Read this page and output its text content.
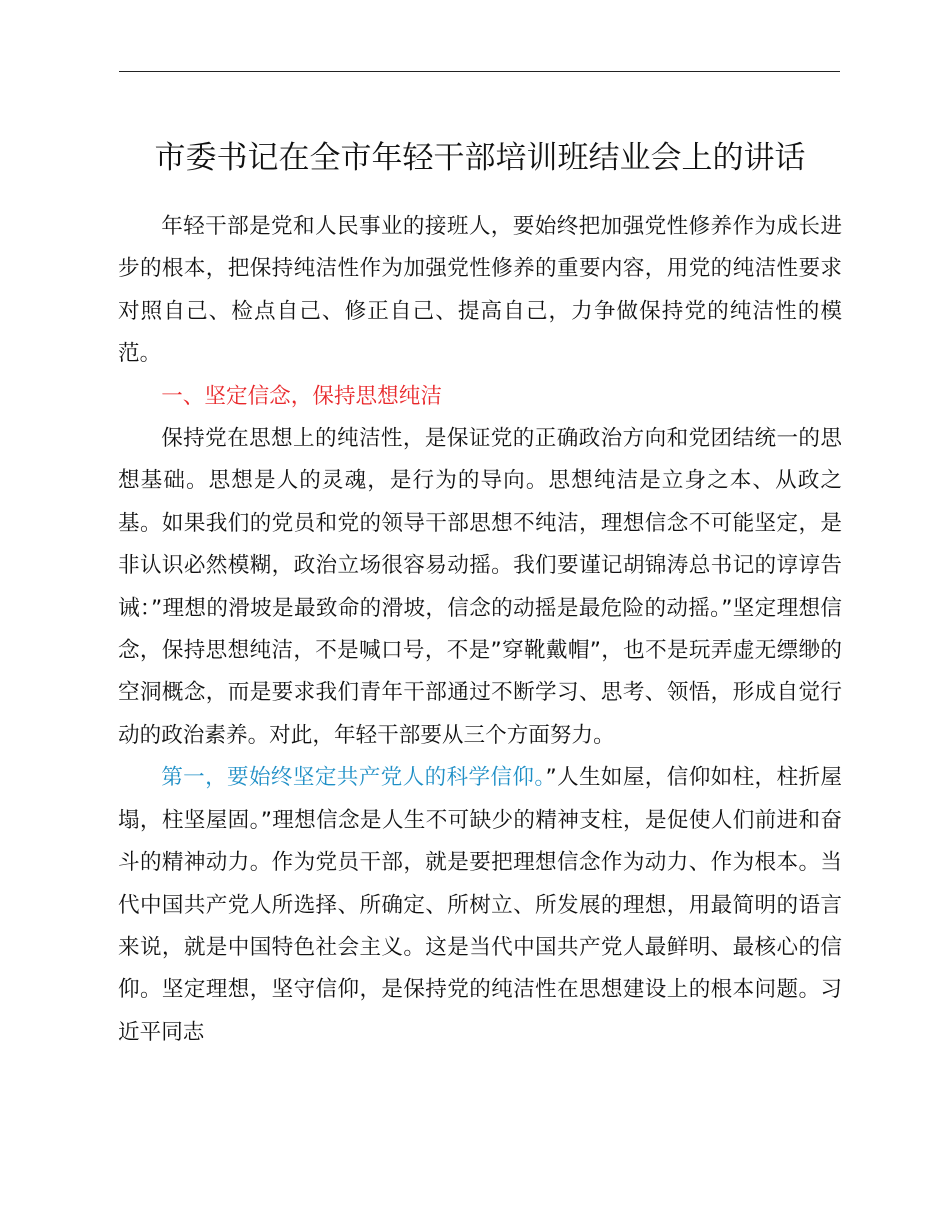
市委书记在全市年轻干部培训班结业会上的讲话

年轻干部是党和人民事业的接班人，要始终把加强党性修养作为成长进步的根本，把保持纯洁性作为加强党性修养的重要内容，用党的纯洁性要求对照自己、检点自己、修正自己、提高自己，力争做保持党的纯洁性的模范。

一、坚定信念，保持思想纯洁

保持党在思想上的纯洁性，是保证党的正确政治方向和党团结统一的思想基础。思想是人的灵魂，是行为的导向。思想纯洁是立身之本、从政之基。如果我们的党员和党的领导干部思想不纯洁，理想信念不可能坚定，是非认识必然模糊，政治立场很容易动摇。我们要谨记胡锦涛总书记的谆谆告诫：”理想的滑坡是最致命的滑坡，信念的动摇是最危险的动摇。”坚定理想信念，保持思想纯洁，不是喊口号，不是”穿靴戴帽”，也不是玩弄虚无缥缈的空洞概念，而是要求我们青年干部通过不断学习、思考、领悟，形成自觉行动的政治素养。对此，年轻干部要从三个方面努力。

第一，要始终坚定共产党人的科学信仰。”人生如屋，信仰如柱，柱折屋塌，柱坚屋固。”理想信念是人生不可缺少的精神支柱，是促使人们前进和奋斗的精神动力。作为党员干部，就是要把理想信念作为动力、作为根本。当代中国共产党人所选择、所确定、所树立、所发展的理想，用最简明的语言来说，就是中国特色社会主义。这是当代中国共产党人最鲜明、最核心的信仰。坚定理想，坚守信仰，是保持党的纯洁性在思想建设上的根本问题。习近平同志
